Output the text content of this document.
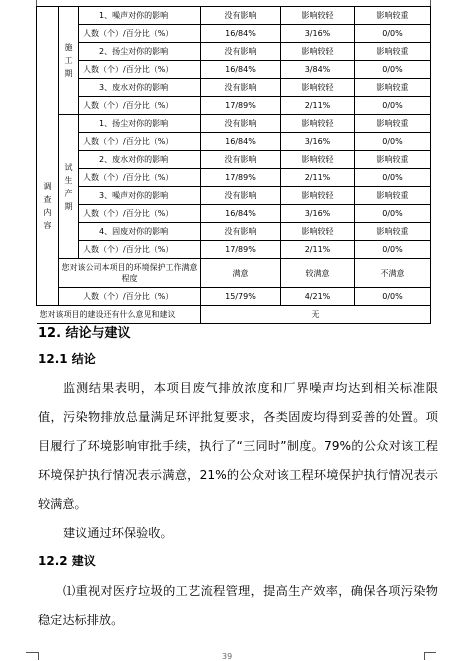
调
查
内
容	施
工
期	1、噪声对你的影响	没有影响	影响较轻	影响较重
		人数（个）/百分比（%）	16/84%	3/16%	0/0%
		2、扬尘对你的影响	没有影响	影响较轻	影响较重
		人数（个）/百分比（%）	16/84%	3/84%	0/0%
		3、废水对你的影响	没有影响	影响较轻	影响较重
		人数（个）/百分比（%）	17/89%	2/11%	0/0%
	试
生
产
期	1、扬尘对你的影响	没有影响	影响较轻	影响较重
		人数（个）/百分比（%）	16/84%	3/16%	0/0%
		2、废水对你的影响	没有影响	影响较轻	影响较重
		人数（个）/百分比（%）	17/89%	2/11%	0/0%
		3、噪声对你的影响	没有影响	影响较轻	影响较重
		人数（个）/百分比（%）	16/84%	3/16%	0/0%
		4、固废对你的影响	没有影响	影响较轻	影响较重
		人数（个）/百分比（%）	17/89%	2/11%	0/0%
	您对该公司本项目的环境保护工作满意程度		满意	较满意	不满意
	人数（个）/百分比（%）		15/79%	4/21%	0/0%
您对该项目的建设还有什么意见和建议			无		
12. 结论与建议
12.1 结论

监测结果表明，本项目废气排放浓度和厂界噪声均达到相关标准限值，污染物排放总量满足环评批复要求，各类固废均得到妥善的处置。项目履行了环境影响审批手续，执行了“三同时”制度。79%的公众对该工程环境保护执行情况表示满意，21%的公众对该工程环境保护执行情况表示较满意。

建议通过环保验收。

12.2 建议

⑴重视对医疗垃圾的工艺流程管理，提高生产效率，确保各项污染物稳定达标排放。

39
